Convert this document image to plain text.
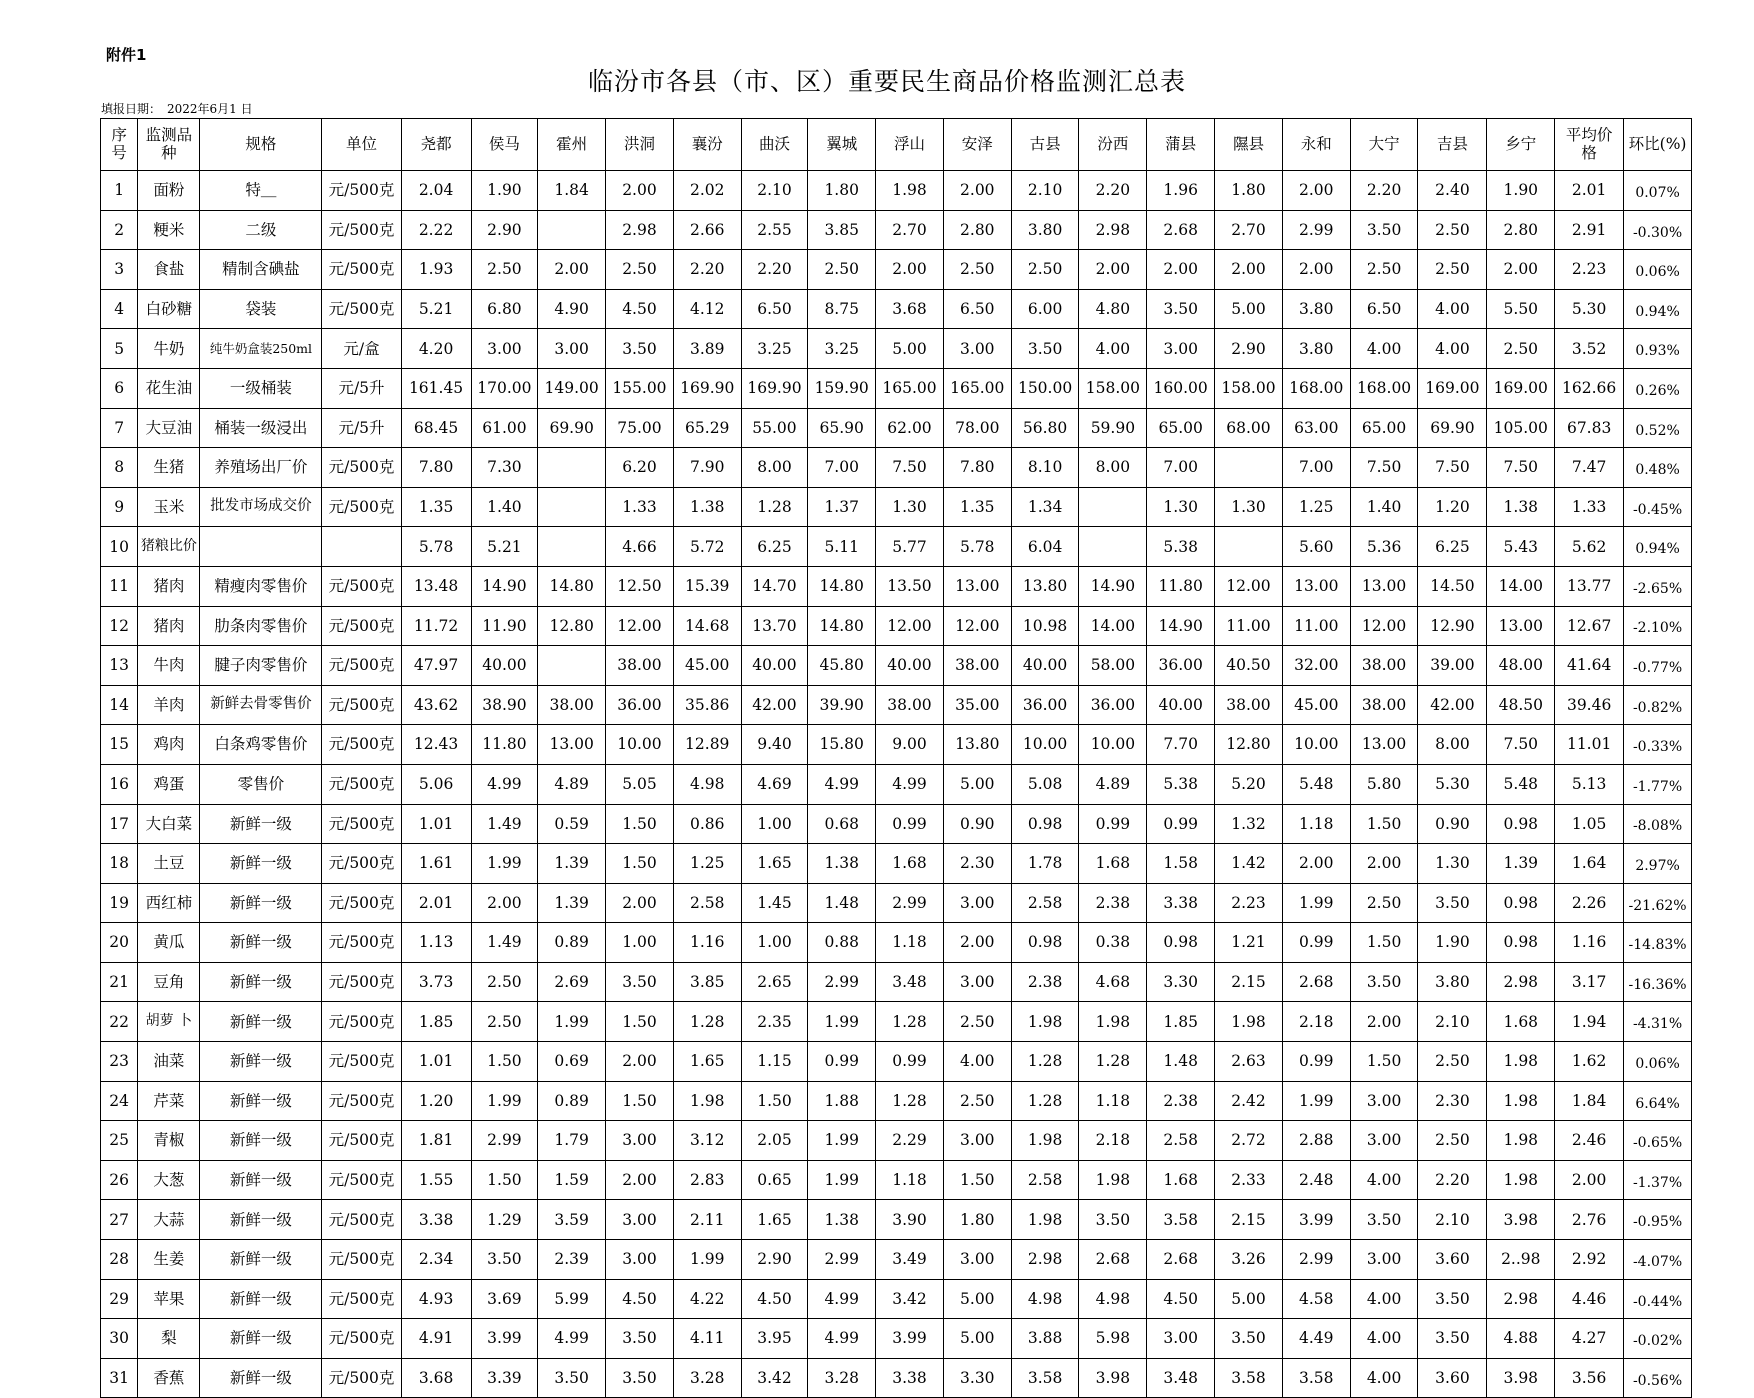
附件1
临汾市各县（市、区）重要民生商品价格监测汇总表
填报日期：　2022年6月1 日
序号	监测品种	规格	单位	尧都	侯马	霍州	洪洞	襄汾	曲沃	翼城	浮山	安泽	古县	汾西	蒲县	隰县	永和	大宁	吉县	乡宁	平均价格	环比(%)
1	面粉	特＿	元/500克	2.04	1.90	1.84	2.00	2.02	2.10	1.80	1.98	2.00	2.10	2.20	1.96	1.80	2.00	2.20	2.40	1.90	2.01	0.07%
2	粳米	二级	元/500克	2.22	2.90		2.98	2.66	2.55	3.85	2.70	2.80	3.80	2.98	2.68	2.70	2.99	3.50	2.50	2.80	2.91	-0.30%
3	食盐	精制含碘盐	元/500克	1.93	2.50	2.00	2.50	2.20	2.20	2.50	2.00	2.50	2.50	2.00	2.00	2.00	2.00	2.50	2.50	2.00	2.23	0.06%
4	白砂糖	袋装	元/500克	5.21	6.80	4.90	4.50	4.12	6.50	8.75	3.68	6.50	6.00	4.80	3.50	5.00	3.80	6.50	4.00	5.50	5.30	0.94%
5	牛奶	纯牛奶盒装250ml	元/盒	4.20	3.00	3.00	3.50	3.89	3.25	3.25	5.00	3.00	3.50	4.00	3.00	2.90	3.80	4.00	4.00	2.50	3.52	0.93%
6	花生油	一级桶装	元/5升	161.45	170.00	149.00	155.00	169.90	169.90	159.90	165.00	165.00	150.00	158.00	160.00	158.00	168.00	168.00	169.00	169.00	162.66	0.26%
7	大豆油	桶装一级浸出	元/5升	68.45	61.00	69.90	75.00	65.29	55.00	65.90	62.00	78.00	56.80	59.90	65.00	68.00	63.00	65.00	69.90	105.00	67.83	0.52%
8	生猪	养殖场出厂价	元/500克	7.80	7.30		6.20	7.90	8.00	7.00	7.50	7.80	8.10	8.00	7.00		7.00	7.50	7.50	7.50	7.47	0.48%
9	玉米	批发市场成交价	元/500克	1.35	1.40		1.33	1.38	1.28	1.37	1.30	1.35	1.34		1.30	1.30	1.25	1.40	1.20	1.38	1.33	-0.45%
10	猪粮比价			5.78	5.21		4.66	5.72	6.25	5.11	5.77	5.78	6.04		5.38		5.60	5.36	6.25	5.43	5.62	0.94%
11	猪肉	精瘦肉零售价	元/500克	13.48	14.90	14.80	12.50	15.39	14.70	14.80	13.50	13.00	13.80	14.90	11.80	12.00	13.00	13.00	14.50	14.00	13.77	-2.65%
12	猪肉	肋条肉零售价	元/500克	11.72	11.90	12.80	12.00	14.68	13.70	14.80	12.00	12.00	10.98	14.00	14.90	11.00	11.00	12.00	12.90	13.00	12.67	-2.10%
13	牛肉	腱子肉零售价	元/500克	47.97	40.00		38.00	45.00	40.00	45.80	40.00	38.00	40.00	58.00	36.00	40.50	32.00	38.00	39.00	48.00	41.64	-0.77%
14	羊肉	新鲜去骨零售价	元/500克	43.62	38.90	38.00	36.00	35.86	42.00	39.90	38.00	35.00	36.00	36.00	40.00	38.00	45.00	38.00	42.00	48.50	39.46	-0.82%
15	鸡肉	白条鸡零售价	元/500克	12.43	11.80	13.00	10.00	12.89	9.40	15.80	9.00	13.80	10.00	10.00	7.70	12.80	10.00	13.00	8.00	7.50	11.01	-0.33%
16	鸡蛋	零售价	元/500克	5.06	4.99	4.89	5.05	4.98	4.69	4.99	4.99	5.00	5.08	4.89	5.38	5.20	5.48	5.80	5.30	5.48	5.13	-1.77%
17	大白菜	新鲜一级	元/500克	1.01	1.49	0.59	1.50	0.86	1.00	0.68	0.99	0.90	0.98	0.99	0.99	1.32	1.18	1.50	0.90	0.98	1.05	-8.08%
18	土豆	新鲜一级	元/500克	1.61	1.99	1.39	1.50	1.25	1.65	1.38	1.68	2.30	1.78	1.68	1.58	1.42	2.00	2.00	1.30	1.39	1.64	2.97%
19	西红柿	新鲜一级	元/500克	2.01	2.00	1.39	2.00	2.58	1.45	1.48	2.99	3.00	2.58	2.38	3.38	2.23	1.99	2.50	3.50	0.98	2.26	-21.62%
20	黄瓜	新鲜一级	元/500克	1.13	1.49	0.89	1.00	1.16	1.00	0.88	1.18	2.00	0.98	0.38	0.98	1.21	0.99	1.50	1.90	0.98	1.16	-14.83%
21	豆角	新鲜一级	元/500克	3.73	2.50	2.69	3.50	3.85	2.65	2.99	3.48	3.00	2.38	4.68	3.30	2.15	2.68	3.50	3.80	2.98	3.17	-16.36%
22	胡萝 卜	新鲜一级	元/500克	1.85	2.50	1.99	1.50	1.28	2.35	1.99	1.28	2.50	1.98	1.98	1.85	1.98	2.18	2.00	2.10	1.68	1.94	-4.31%
23	油菜	新鲜一级	元/500克	1.01	1.50	0.69	2.00	1.65	1.15	0.99	0.99	4.00	1.28	1.28	1.48	2.63	0.99	1.50	2.50	1.98	1.62	0.06%
24	芹菜	新鲜一级	元/500克	1.20	1.99	0.89	1.50	1.98	1.50	1.88	1.28	2.50	1.28	1.18	2.38	2.42	1.99	3.00	2.30	1.98	1.84	6.64%
25	青椒	新鲜一级	元/500克	1.81	2.99	1.79	3.00	3.12	2.05	1.99	2.29	3.00	1.98	2.18	2.58	2.72	2.88	3.00	2.50	1.98	2.46	-0.65%
26	大葱	新鲜一级	元/500克	1.55	1.50	1.59	2.00	2.83	0.65	1.99	1.18	1.50	2.58	1.98	1.68	2.33	2.48	4.00	2.20	1.98	2.00	-1.37%
27	大蒜	新鲜一级	元/500克	3.38	1.29	3.59	3.00	2.11	1.65	1.38	3.90	1.80	1.98	3.50	3.58	2.15	3.99	3.50	2.10	3.98	2.76	-0.95%
28	生姜	新鲜一级	元/500克	2.34	3.50	2.39	3.00	1.99	2.90	2.99	3.49	3.00	2.98	2.68	2.68	3.26	2.99	3.00	3.60	2..98	2.92	-4.07%
29	苹果	新鲜一级	元/500克	4.93	3.69	5.99	4.50	4.22	4.50	4.99	3.42	5.00	4.98	4.98	4.50	5.00	4.58	4.00	3.50	2.98	4.46	-0.44%
30	梨	新鲜一级	元/500克	4.91	3.99	4.99	3.50	4.11	3.95	4.99	3.99	5.00	3.88	5.98	3.00	3.50	4.49	4.00	3.50	4.88	4.27	-0.02%
31	香蕉	新鲜一级	元/500克	3.68	3.39	3.50	3.50	3.28	3.42	3.28	3.38	3.30	3.58	3.98	3.48	3.58	3.58	4.00	3.60	3.98	3.56	-0.56%
